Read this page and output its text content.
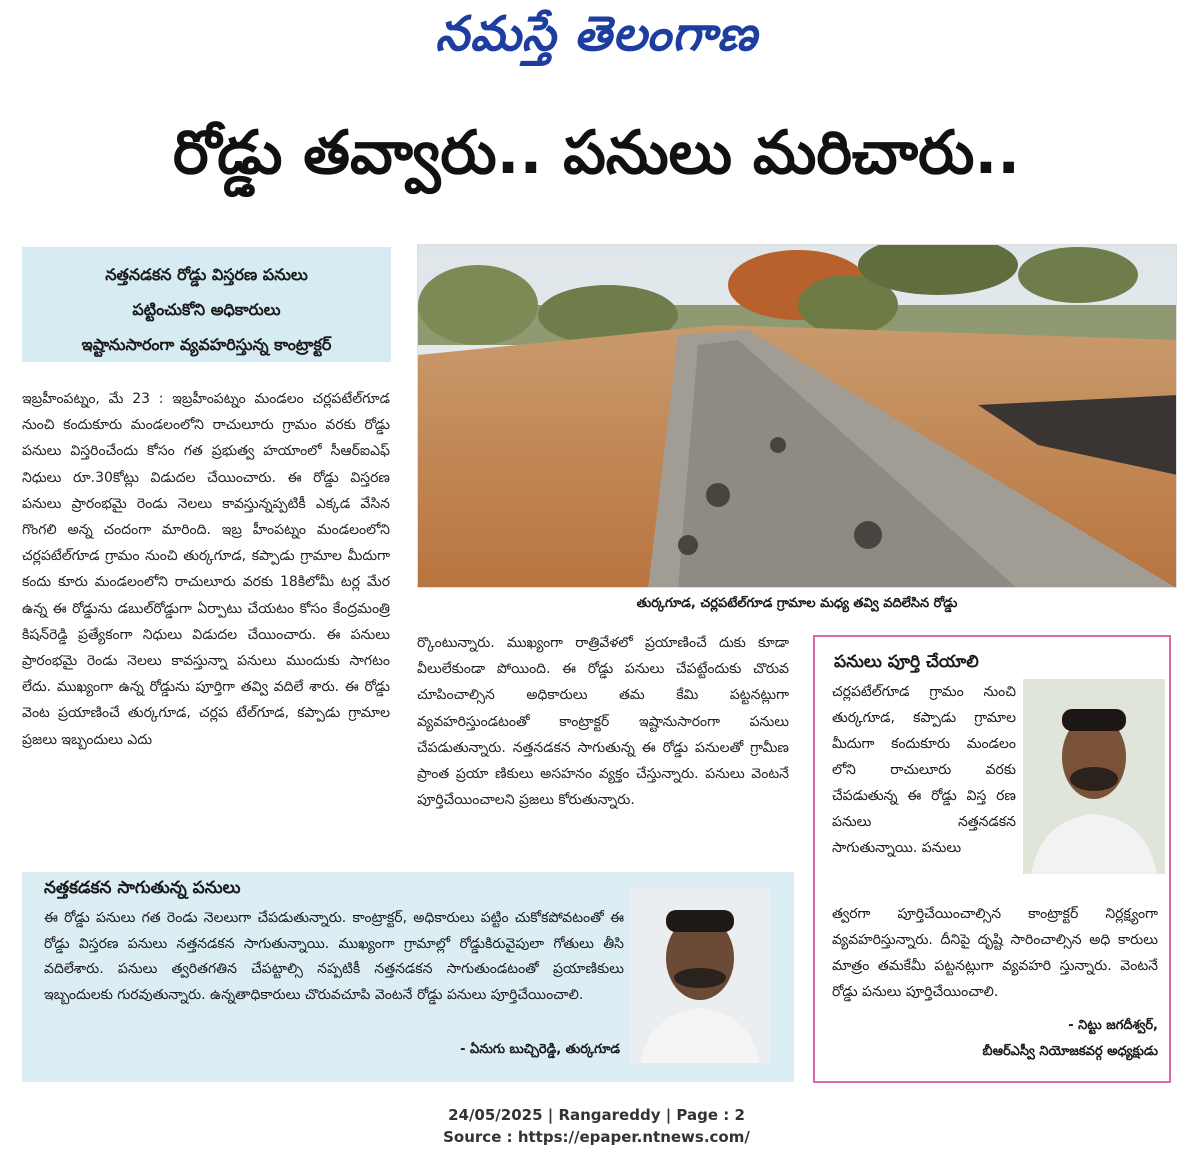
నమస్తే తెలంగాణ
రోడ్డు తవ్వారు.. పనులు మరిచారు..
నత్తనడకన రోడ్డు విస్తరణ పనులు
పట్టించుకోని అధికారులు
ఇష్టానుసారంగా వ్యవహరిస్తున్న కాంట్రాక్టర్
ఇబ్రహీంపట్నం, మే 23 : ఇబ్రహీంపట్నం మండలం చర్లపటేల్‌గూడ నుంచి కందుకూరు మండలంలోని రాచులూరు గ్రామం వరకు రోడ్డు పనులు విస్తరించేందు కోసం గత ప్రభుత్వ హయాంలో సీఆర్‌ఐఎఫ్ నిధులు రూ.30కోట్లు విడుదల చేయించారు. ఈ రోడ్డు విస్తరణ పనులు ప్రారంభమై రెండు నెలలు కావస్తున్నప్పటికీ ఎక్కడ వేసిన గొంగలి అన్న చందంగా మారింది. ఇబ్ర హీంపట్నం మండలంలోని చర్లపటేల్‌గూడ గ్రామం నుంచి తుర్కగూడ, కప్పాడు గ్రామాల మీదుగా కందు కూరు మండలంలోని రాచులూరు వరకు 18కిలోమీ టర్ల మేర ఉన్న ఈ రోడ్డును డబుల్‌రోడ్డుగా ఏర్పాటు చేయటం కోసం కేంద్రమంత్రి కిషన్‌రెడ్డి ప్రత్యేకంగా నిధులు విడుదల చేయించారు. ఈ పనులు ప్రారంభమై రెండు నెలలు కావస్తున్నా పనులు ముందుకు సాగటం లేదు. ముఖ్యంగా ఉన్న రోడ్డును పూర్తిగా తవ్వి వదిలే శారు. ఈ రోడ్డు వెంట ప్రయాణించే తుర్కగూడ, చర్లప టేల్‌గూడ, కప్పాడు గ్రామాల ప్రజలు ఇబ్బందులు ఎదు
తుర్కగూడ, చర్లపటేల్‌గూడ గ్రామాల మధ్య తవ్వి వదిలేసిన రోడ్డు
ర్కొంటున్నారు. ముఖ్యంగా రాత్రివేళలో ప్రయాణించే దుకు కూడా వీలులేకుండా పోయింది. ఈ రోడ్డు పనులు చేపట్టేందుకు చొరువ చూపించాల్సిన అధికారులు తమ కేమి పట్టనట్లుగా వ్యవహరిస్తుండటంతో కాంట్రాక్టర్ ఇష్టానుసారంగా పనులు చేపడుతున్నారు. నత్తనడకన సాగుతున్న ఈ రోడ్డు పనులతో గ్రామీణ ప్రాంత ప్రయా ణికులు అసహనం వ్యక్తం చేస్తున్నారు. పనులు వెంటనే పూర్తిచేయించాలని ప్రజలు కోరుతున్నారు.
నత్తకడకన సాగుతున్న పనులు
ఈ రోడ్డు పనులు గత రెండు నెలలుగా చేపడుతున్నారు. కాంట్రాక్టర్, అధికారులు పట్టిం చుకోకపోవటంతో ఈ రోడ్డు విస్తరణ పనులు నత్తనడకన సాగుతున్నాయి. ముఖ్యంగా గ్రామాల్లో రోడ్డుకిరువైపులా గోతులు తీసి వదిలేశారు. పనులు త్వరితగతిన చేపట్టాల్సి నప్పటికీ నత్తనడకన సాగుతుండటంతో ప్రయాణికులు ఇబ్బందులకు గురవుతున్నారు. ఉన్నతాధికారులు చొరువచూపి వెంటనే రోడ్డు పనులు పూర్తిచేయించాలి.
- ఏనుగు బుచ్చిరెడ్డి, తుర్కగూడ
పనులు పూర్తి చేయాలి
చర్లపటేల్‌గూడ గ్రామం నుంచి తుర్కగూడ, కప్పాడు గ్రామాల మీదుగా కందుకూరు మండలం లోని రాచులూరు వరకు చేపడుతున్న ఈ రోడ్డు విస్త రణ పనులు నత్తనడకన సాగుతున్నాయి. పనులు
త్వరగా పూర్తిచేయించాల్సిన కాంట్రాక్టర్ నిర్లక్ష్యంగా వ్యవహరిస్తున్నారు. దీనిపై దృష్టి సారించాల్సిన అధి కారులు మాత్రం తమకేమీ పట్టనట్లుగా వ్యవహరి స్తున్నారు. వెంటనే రోడ్డు పనులు పూర్తిచేయించాలి.
- నిట్టు జగదీశ్వర్,
బీఆర్‌ఎస్వీ నియోజకవర్గ అధ్యక్షుడు
24/05/2025 | Rangareddy | Page : 2
Source : https://epaper.ntnews.com/
